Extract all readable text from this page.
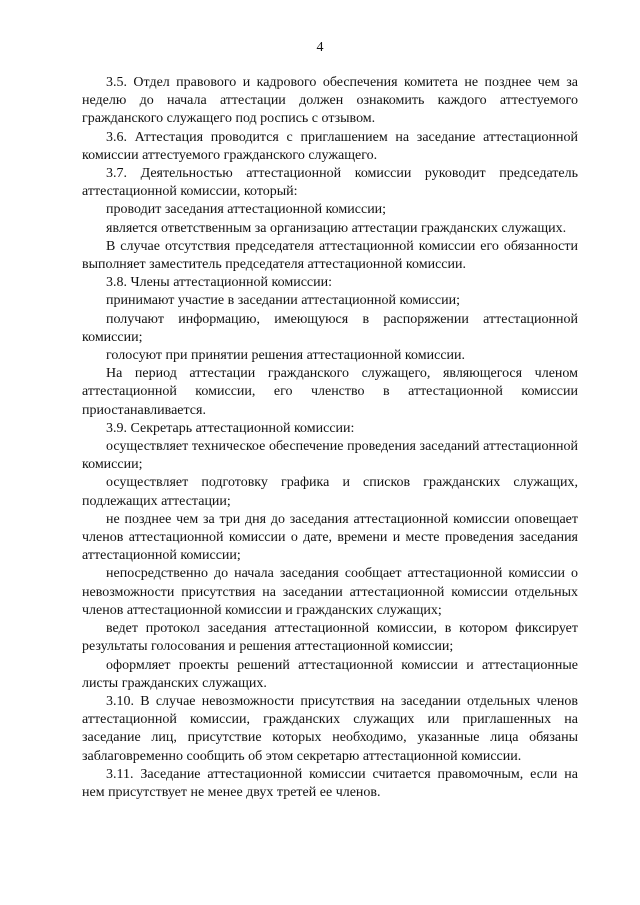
4

3.5. Отдел правового и кадрового обеспечения комитета не позднее чем за неделю до начала аттестации должен ознакомить каждого аттестуемого гражданского служащего под роспись с отзывом.

3.6. Аттестация проводится с приглашением на заседание аттестационной комиссии аттестуемого гражданского служащего.

3.7. Деятельностью аттестационной комиссии руководит председатель аттестационной комиссии, который:

проводит заседания аттестационной комиссии;

является ответственным за организацию аттестации гражданских служащих.

В случае отсутствия председателя аттестационной комиссии его обязанности выполняет заместитель председателя аттестационной комиссии.

3.8. Члены аттестационной комиссии:

принимают участие в заседании аттестационной комиссии;

получают информацию, имеющуюся в распоряжении аттестационной комиссии;

голосуют при принятии решения аттестационной комиссии.

На период аттестации гражданского служащего, являющегося членом аттестационной комиссии, его членство в аттестационной комиссии приостанавливается.

3.9. Секретарь аттестационной комиссии:

осуществляет техническое обеспечение проведения заседаний аттестационной комиссии;

осуществляет подготовку графика и списков гражданских служащих, подлежащих аттестации;

не позднее чем за три дня до заседания аттестационной комиссии оповещает членов аттестационной комиссии о дате, времени и месте проведения заседания аттестационной комиссии;

непосредственно до начала заседания сообщает аттестационной комиссии о невозможности присутствия на заседании аттестационной комиссии отдельных членов аттестационной комиссии и гражданских служащих;

ведет протокол заседания аттестационной комиссии, в котором фиксирует результаты голосования и решения аттестационной комиссии;

оформляет проекты решений аттестационной комиссии и аттестационные листы гражданских служащих.

3.10. В случае невозможности присутствия на заседании отдельных членов аттестационной комиссии, гражданских служащих или приглашенных на заседание лиц, присутствие которых необходимо, указанные лица обязаны заблаговременно сообщить об этом секретарю аттестационной комиссии.

3.11. Заседание аттестационной комиссии считается правомочным, если на нем присутствует не менее двух третей ее членов.
